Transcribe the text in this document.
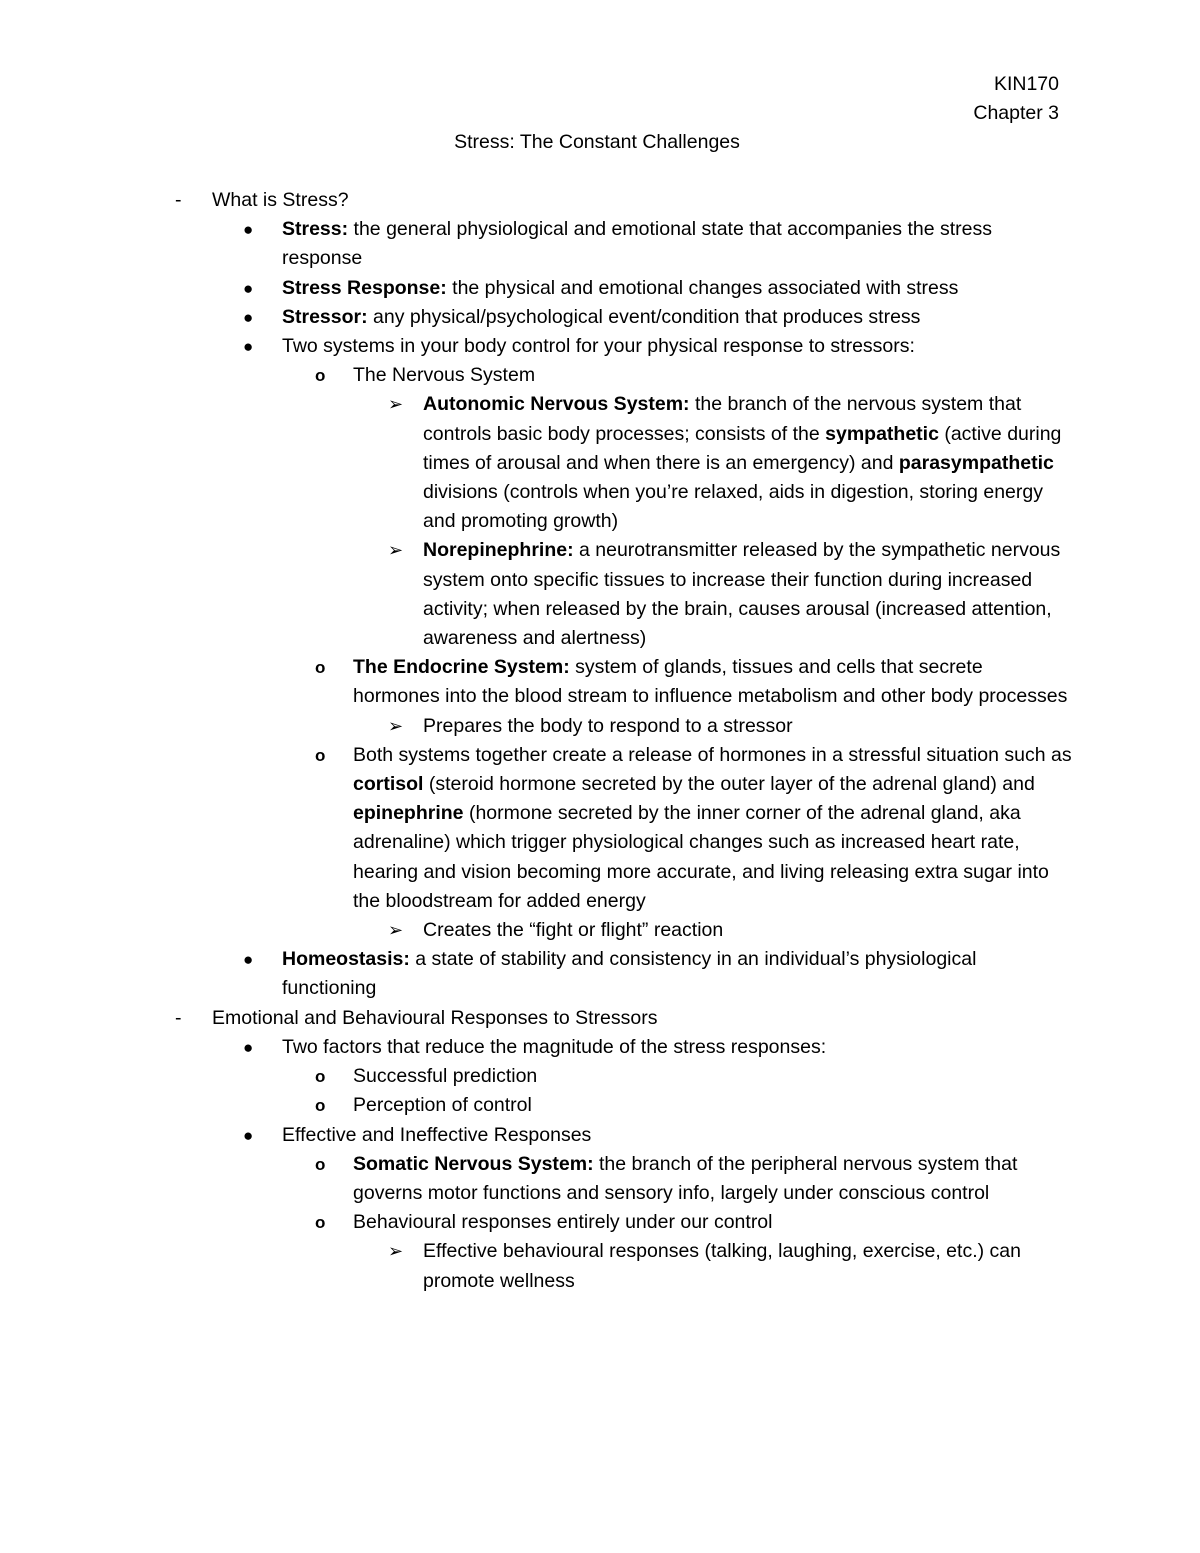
KIN170
Chapter 3
Stress: The Constant Challenges
- What is Stress?
● Stress: the general physiological and emotional state that accompanies the stress response
● Stress Response: the physical and emotional changes associated with stress
● Stressor: any physical/psychological event/condition that produces stress
● Two systems in your body control for your physical response to stressors:
o The Nervous System
➢ Autonomic Nervous System: the branch of the nervous system that controls basic body processes; consists of the sympathetic (active during times of arousal and when there is an emergency) and parasympathetic divisions (controls when you’re relaxed, aids in digestion, storing energy and promoting growth)
➢ Norepinephrine: a neurotransmitter released by the sympathetic nervous system onto specific tissues to increase their function during increased activity; when released by the brain, causes arousal (increased attention, awareness and alertness)
o The Endocrine System: system of glands, tissues and cells that secrete hormones into the blood stream to influence metabolism and other body processes
➢ Prepares the body to respond to a stressor
o Both systems together create a release of hormones in a stressful situation such as cortisol (steroid hormone secreted by the outer layer of the adrenal gland) and epinephrine (hormone secreted by the inner corner of the adrenal gland, aka adrenaline) which trigger physiological changes such as increased heart rate, hearing and vision becoming more accurate, and living releasing extra sugar into the bloodstream for added energy
➢ Creates the “fight or flight” reaction
● Homeostasis: a state of stability and consistency in an individual’s physiological functioning
- Emotional and Behavioural Responses to Stressors
● Two factors that reduce the magnitude of the stress responses:
o Successful prediction
o Perception of control
● Effective and Ineffective Responses
o Somatic Nervous System: the branch of the peripheral nervous system that governs motor functions and sensory info, largely under conscious control
o Behavioural responses entirely under our control
➢ Effective behavioural responses (talking, laughing, exercise, etc.) can promote wellness
